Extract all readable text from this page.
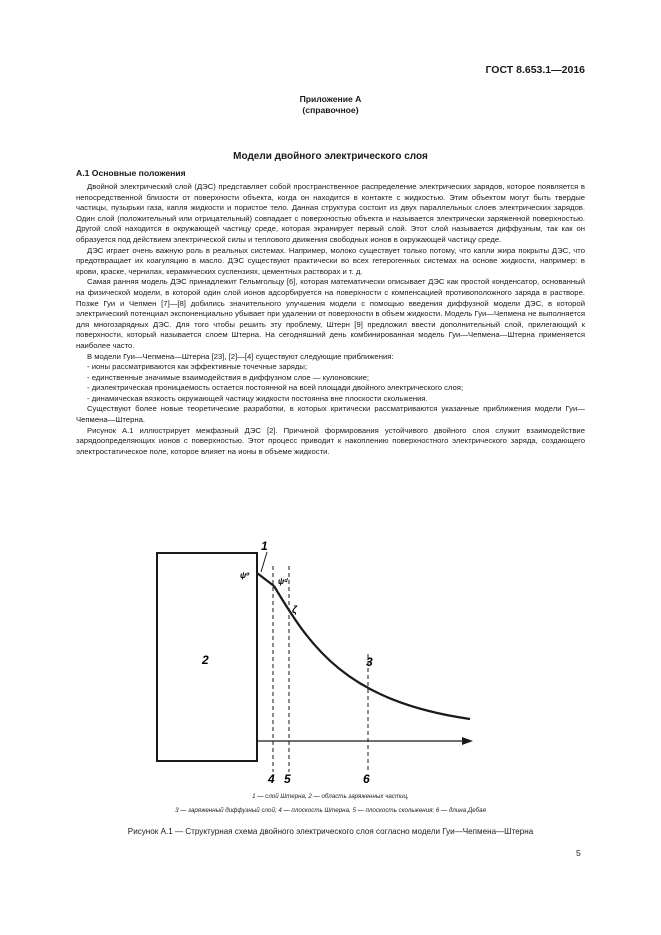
ГОСТ 8.653.1—2016
Приложение А
(справочное)
Модели двойного электрического слоя
А.1 Основные положения

Двойной электрический слой (ДЭС) представляет собой пространственное распределение электрических зарядов, которое появляется в непосредственной близости от поверхности объекта, когда он находится в контакте с жидкостью. Этим объектом могут быть твердые частицы, пузырьки газа, капля жидкости и пористое тело. Данная структура состоит из двух параллельных слоев электрических зарядов. Один слой (положительный или отрицательный) совпадает с поверхностью объекта и называется электрически заряженной поверхностью. Другой слой находится в окружающей частицу среде, которая экранирует первый слой. Этот слой называется диффузным, так как он образуется под действием электрической силы и теплового движения свободных ионов в окружающей частицу среде.

ДЭС играет очень важную роль в реальных системах. Например, молоко существует только потому, что капли жира покрыты ДЭС, что предотвращает их коагуляцию в масло. ДЭС существуют практически во всех гетерогенных системах на основе жидкости, например: в крови, краске, чернилах, керамических суспензиях, цементных растворах и т. д.

Самая ранняя модель ДЭС принадлежит Гельмгольцу [6], которая математически описывает ДЭС как простой конденсатор, основанный на физической модели, в которой один слой ионов адсорбируется на поверхности с компенсацией противоположного заряда в растворе. Позже Гуи и Чепмен [7]—[8] добились значительного улучшения модели с помощью введения диффузной модели ДЭС, в которой электрический потенциал экспоненциально убывает при удалении от поверхности в объем жидкости. Модель Гуи—Чепмена не выполняется для многозарядных ДЭС. Для того чтобы решить эту проблему, Штерн [9] предложил ввести дополнительный слой, прилегающий к поверхности, который называется слоем Штерна. На сегодняшний день комбинированная модель Гуи—Чепмена—Штерна применяется наиболее часто.

В модели Гуи—Чепмена—Штерна [23], [2]—[4] существуют следующие приближения:

- ионы рассматриваются как эффективные точечные заряды;

- единственные значимые взаимодействия в диффузном слое — кулоновские;

- диэлектрическая проницаемость остается постоянной на всей площади двойного электрического слоя;

- динамическая вязкость окружающей частицу жидкости постоянна вне плоскости скольжения.

Существуют более новые теоретические разработки, в которых критически рассматриваются указанные приближения модели Гуи—Чепмена—Штерна.

Рисунок А.1 иллюстрирует межфазный ДЭС [2]. Причиной формирования устойчивого двойного слоя служит взаимодействие зарядоопределяющих ионов с поверхностью. Этот процесс приводит к накоплению поверхностного электрического заряда, создающего электростатическое поле, которое влияет на ионы в объеме жидкости.

1
2	3
4 5	6
ψ⁰
ψᵈ
ζ
1 — слой Штерна, 2 — область заряженных частиц,
3 — заряженный диффузный слой; 4 — плоскость Штерна, 5 — плоскость скольжения; 6 — длина Дебая
Рисунок А.1 — Структурная схема двойного электрического слоя согласно модели Гуи—Чепмена—Штерна
5
